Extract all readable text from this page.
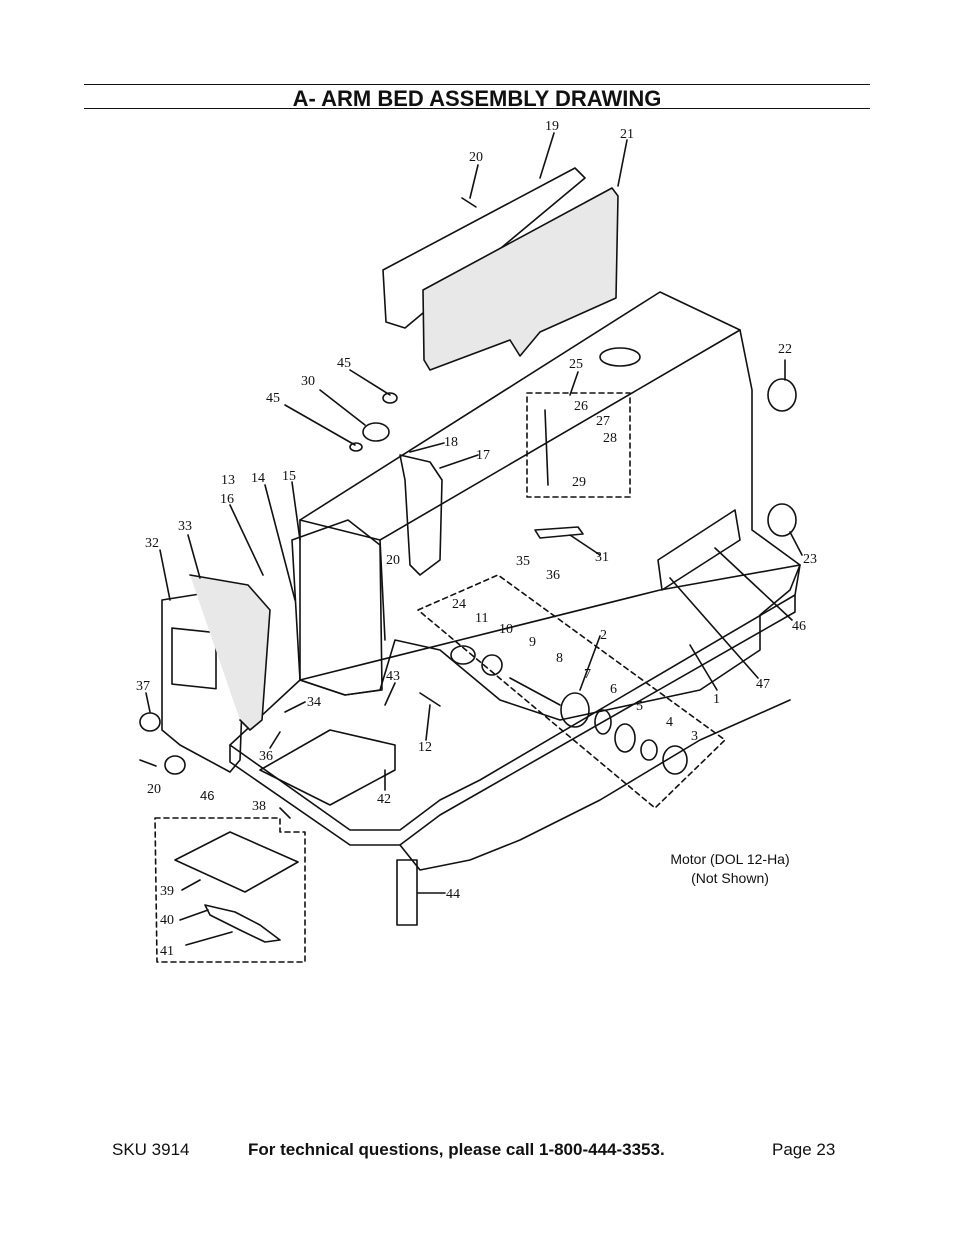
A- ARM BED ASSEMBLY DRAWING
19
21
20
22
25
45
30
45
26
27
28
18
17
29
13 14 15
16
33
23
32
20	31
35
36
24
11
46
2
10
9
8
43	7
37	47
6
1
34	5
4
3
12
36
20	46	42
38
39	44
40
41
Motor (DOL 12-Ha)
(Not Shown)
SKU 3914	For technical questions, please call 1-800-444-3353.	Page 23
